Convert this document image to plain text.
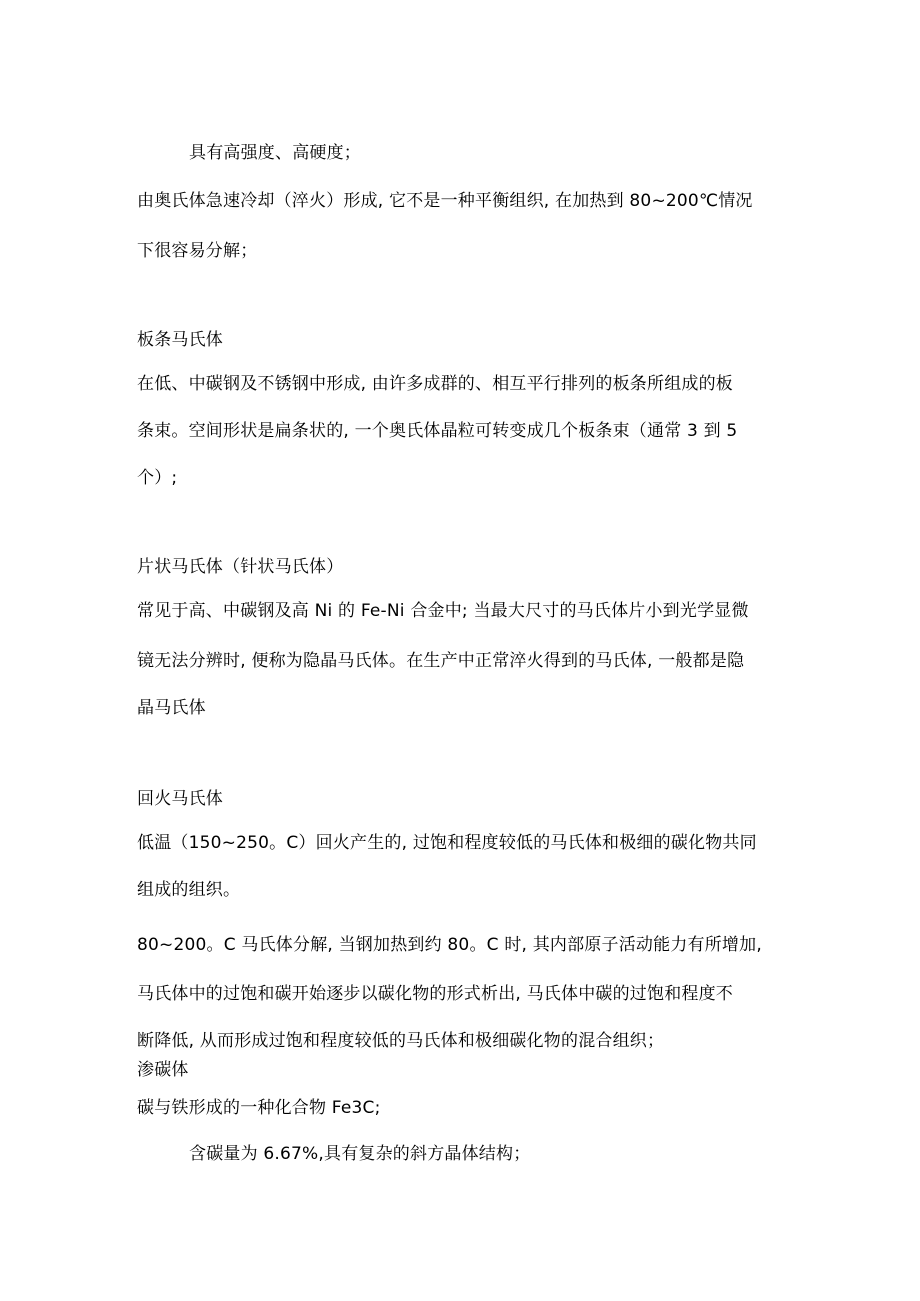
具有高强度、高硬度；
由奥氏体急速冷却（淬火）形成, 它不是一种平衡组织, 在加热到 80~200℃情况
下很容易分解；
板条马氏体
在低、中碳钢及不锈钢中形成, 由许多成群的、相互平行排列的板条所组成的板
条束。空间形状是扁条状的, 一个奥氏体晶粒可转变成几个板条束（通常 3 到 5
个）;
片状马氏体（针状马氏体）
常见于高、中碳钢及高 Ni 的 Fe-Ni 合金中; 当最大尺寸的马氏体片小到光学显微
镜无法分辨时, 便称为隐晶马氏体。在生产中正常淬火得到的马氏体, 一般都是隐
晶马氏体
回火马氏体
低温（150~250。C）回火产生的, 过饱和程度较低的马氏体和极细的碳化物共同
组成的组织。
80~200。C 马氏体分解, 当钢加热到约 80。C 时, 其内部原子活动能力有所增加,
马氏体中的过饱和碳开始逐步以碳化物的形式析出, 马氏体中碳的过饱和程度不
断降低, 从而形成过饱和程度较低的马氏体和极细碳化物的混合组织；
渗碳体
碳与铁形成的一种化合物 Fe3C;
含碳量为 6.67%,具有复杂的斜方晶体结构；
